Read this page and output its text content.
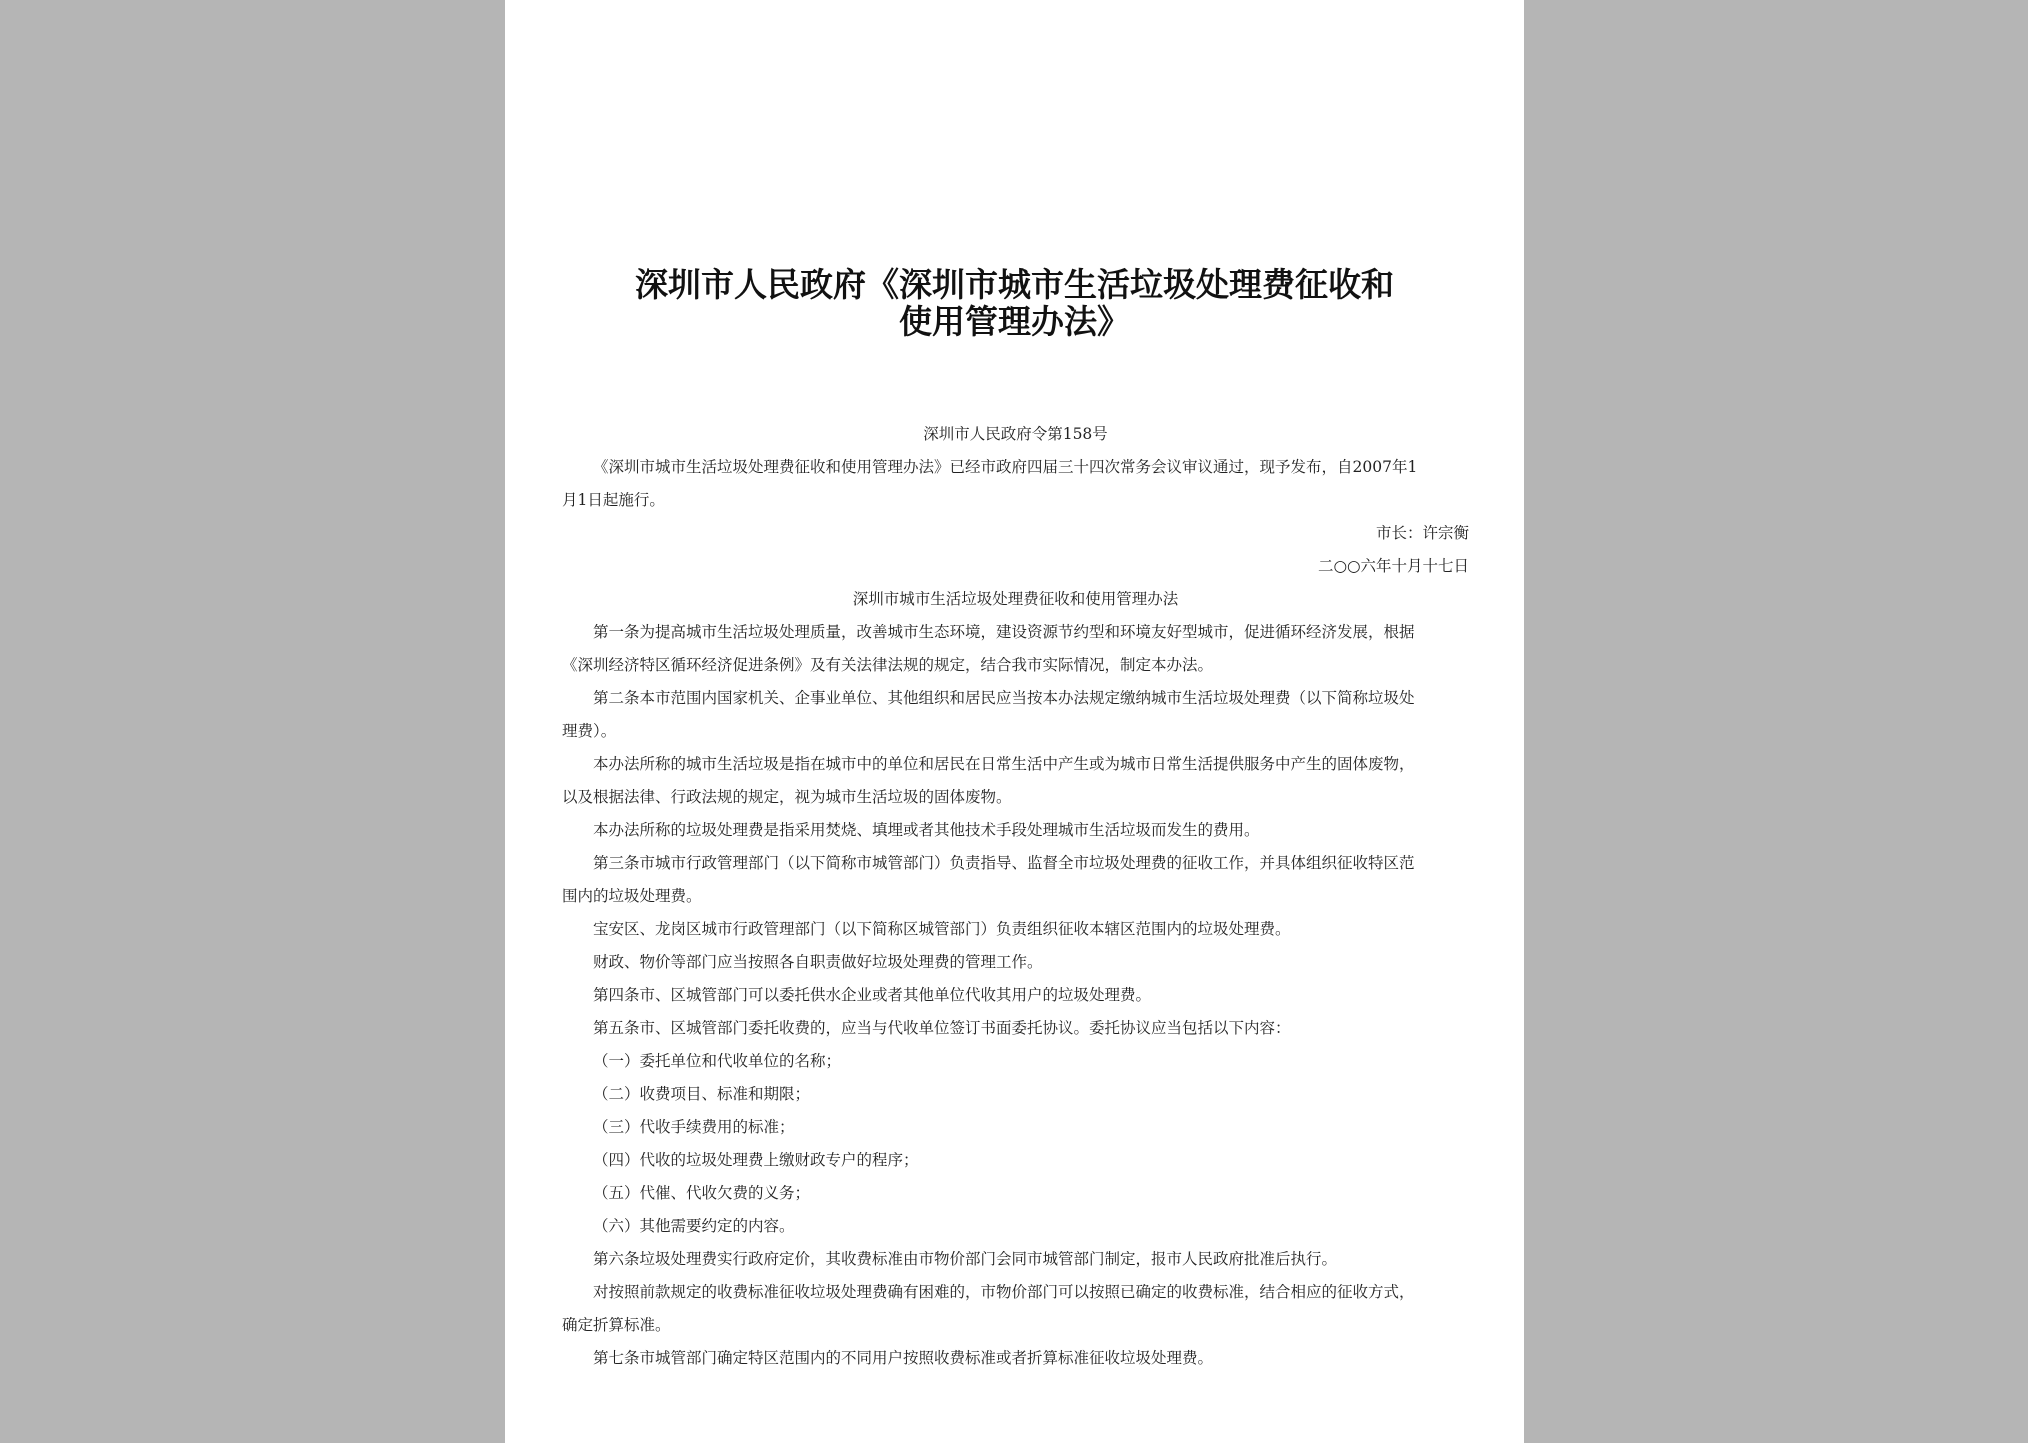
深圳市人民政府《深圳市城市生活垃圾处理费征收和
使用管理办法》
深圳市人民政府令第158号
《深圳市城市生活垃圾处理费征收和使用管理办法》已经市政府四届三十四次常务会议审议通过，现予发布，自2007年1
月1日起施行。
市长：许宗衡
二○○六年十月十七日
深圳市城市生活垃圾处理费征收和使用管理办法
第一条为提高城市生活垃圾处理质量，改善城市生态环境，建设资源节约型和环境友好型城市，促进循环经济发展，根据
《深圳经济特区循环经济促进条例》及有关法律法规的规定，结合我市实际情况，制定本办法。
第二条本市范围内国家机关、企事业单位、其他组织和居民应当按本办法规定缴纳城市生活垃圾处理费（以下简称垃圾处
理费）。
本办法所称的城市生活垃圾是指在城市中的单位和居民在日常生活中产生或为城市日常生活提供服务中产生的固体废物，
以及根据法律、行政法规的规定，视为城市生活垃圾的固体废物。
本办法所称的垃圾处理费是指采用焚烧、填埋或者其他技术手段处理城市生活垃圾而发生的费用。
第三条市城市行政管理部门（以下简称市城管部门）负责指导、监督全市垃圾处理费的征收工作，并具体组织征收特区范
围内的垃圾处理费。
宝安区、龙岗区城市行政管理部门（以下简称区城管部门）负责组织征收本辖区范围内的垃圾处理费。
财政、物价等部门应当按照各自职责做好垃圾处理费的管理工作。
第四条市、区城管部门可以委托供水企业或者其他单位代收其用户的垃圾处理费。
第五条市、区城管部门委托收费的，应当与代收单位签订书面委托协议。委托协议应当包括以下内容：
（一）委托单位和代收单位的名称；
（二）收费项目、标准和期限；
（三）代收手续费用的标准；
（四）代收的垃圾处理费上缴财政专户的程序；
（五）代催、代收欠费的义务；
（六）其他需要约定的内容。
第六条垃圾处理费实行政府定价，其收费标准由市物价部门会同市城管部门制定，报市人民政府批准后执行。
对按照前款规定的收费标准征收垃圾处理费确有困难的，市物价部门可以按照已确定的收费标准，结合相应的征收方式，
确定折算标准。
第七条市城管部门确定特区范围内的不同用户按照收费标准或者折算标准征收垃圾处理费。
